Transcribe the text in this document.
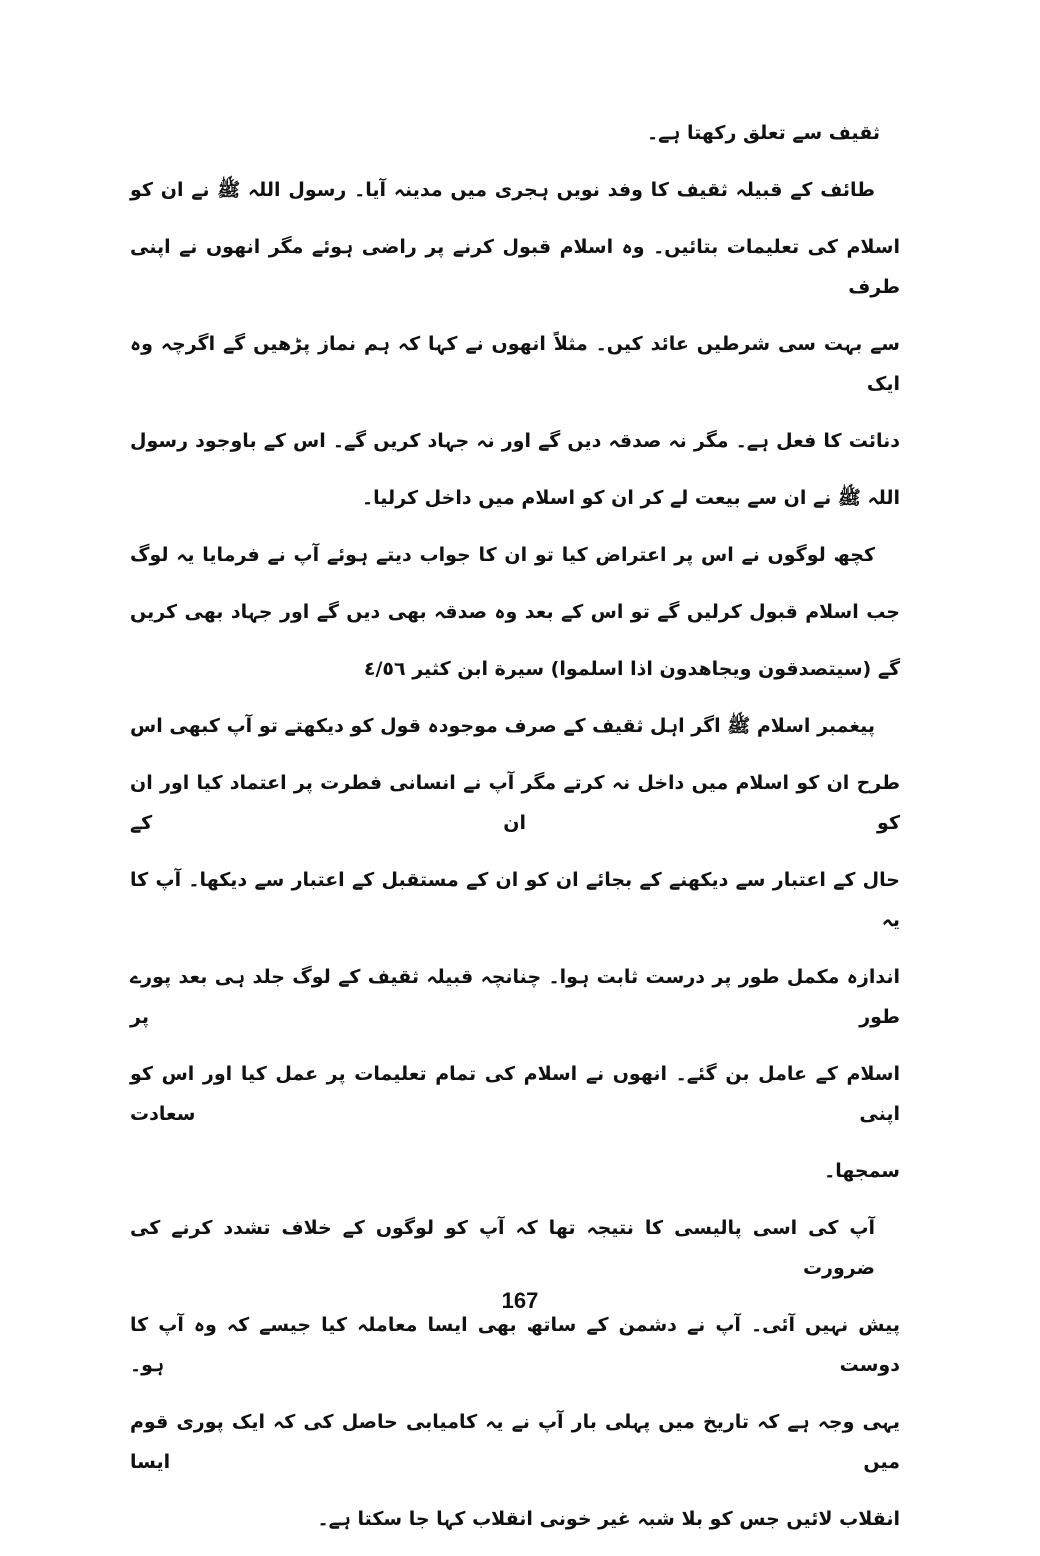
ثقیف سے تعلق رکھتا ہے۔
طائف کے قبیلہ ثقیف کا وفد نویں ہجری میں مدینہ آیا۔ رسول اللہ ﷺ نے ان کو
اسلام کی تعلیمات بتائیں۔ وہ اسلام قبول کرنے پر راضی ہوئے مگر انھوں نے اپنی طرف
سے بہت سی شرطیں عائد کیں۔ مثلاً انھوں نے کہا کہ ہم نماز پڑھیں گے اگرچہ وہ ایک
دنائت کا فعل ہے۔ مگر نہ صدقہ دیں گے اور نہ جہاد کریں گے۔ اس کے باوجود رسول
اللہ ﷺ نے ان سے بیعت لے کر ان کو اسلام میں داخل کرلیا۔
کچھ لوگوں نے اس پر اعتراض کیا تو ان کا جواب دیتے ہوئے آپ نے فرمایا یہ لوگ
جب اسلام قبول کرلیں گے تو اس کے بعد وہ صدقہ بھی دیں گے اور جہاد بھی کریں
گے (سیتصدقون ویجاهدون اذا اسلموا) سیرة ابن کثیر ٤/٥٦
پیغمبر اسلام ﷺ اگر اہل ثقیف کے صرف موجودہ قول کو دیکھتے تو آپ کبھی اس
طرح ان کو اسلام میں داخل نہ کرتے مگر آپ نے انسانی فطرت پر اعتماد کیا اور ان کو ان کے
حال کے اعتبار سے دیکھنے کے بجائے ان کو ان کے مستقبل کے اعتبار سے دیکھا۔ آپ کا یہ
اندازہ مکمل طور پر درست ثابت ہوا۔ چنانچہ قبیلہ ثقیف کے لوگ جلد ہی بعد پورے طور پر
اسلام کے عامل بن گئے۔ انھوں نے اسلام کی تمام تعلیمات پر عمل کیا اور اس کو اپنی سعادت
سمجھا۔
آپ کی اسی پالیسی کا نتیجہ تھا کہ آپ کو لوگوں کے خلاف تشدد کرنے کی ضرورت
پیش نہیں آئی۔ آپ نے دشمن کے ساتھ بھی ایسا معاملہ کیا جیسے کہ وہ آپ کا دوست ہو۔
یہی وجہ ہے کہ تاریخ میں پہلی بار آپ نے یہ کامیابی حاصل کی کہ ایک پوری قوم میں ایسا
انقلاب لائیں جس کو بلا شبہ غیر خونی انقلاب کہا جا سکتا ہے۔
167
